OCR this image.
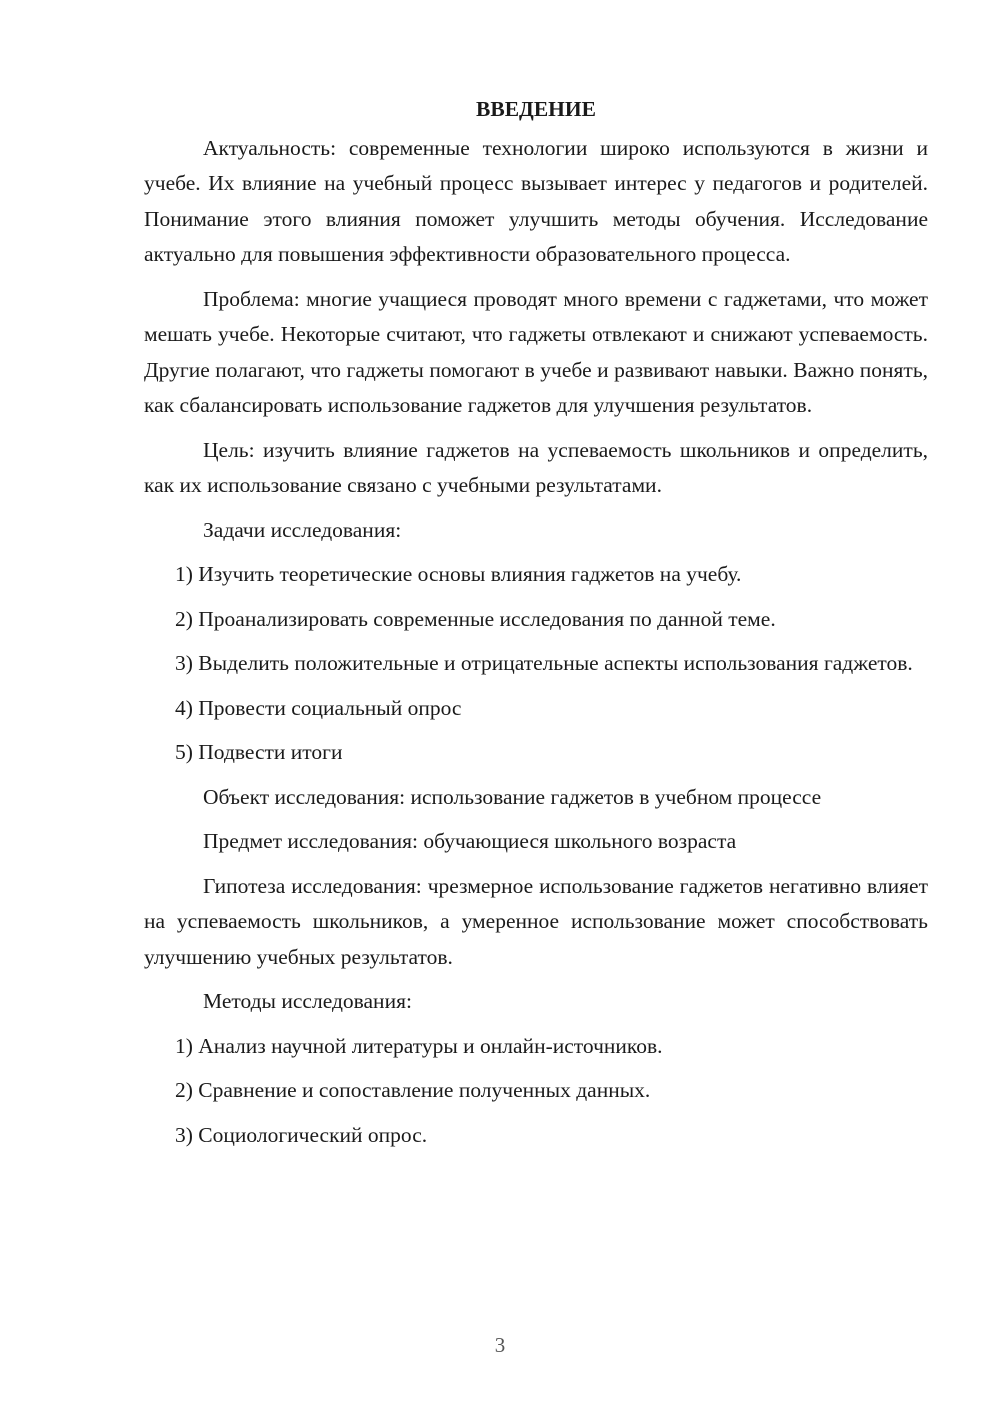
ВВЕДЕНИЕ

Актуальность: современные технологии широко используются в жизни и учебе. Их влияние на учебный процесс вызывает интерес у педагогов и родителей. Понимание этого влияния поможет улучшить методы обучения. Исследование актуально для повышения эффективности образовательного процесса.

Проблема: многие учащиеся проводят много времени с гаджетами, что может мешать учебе. Некоторые считают, что гаджеты отвлекают и снижают успеваемость. Другие полагают, что гаджеты помогают в учебе и развивают навыки. Важно понять, как сбалансировать использование гаджетов для улучшения результатов.

Цель: изучить влияние гаджетов на успеваемость школьников и определить, как их использование связано с учебными результатами.

Задачи исследования:

1) Изучить теоретические основы влияния гаджетов на учебу.

2) Проанализировать современные исследования по данной теме.

3) Выделить положительные и отрицательные аспекты использования гаджетов.

4) Провести социальный опрос

5) Подвести итоги

Объект исследования: использование гаджетов в учебном процессе

Предмет исследования: обучающиеся школьного возраста

Гипотеза исследования: чрезмерное использование гаджетов негативно влияет на успеваемость школьников, а умеренное использование может способствовать улучшению учебных результатов.

Методы исследования:

1) Анализ научной литературы и онлайн-источников.

2) Сравнение и сопоставление полученных данных.

3) Социологический опрос.

3
